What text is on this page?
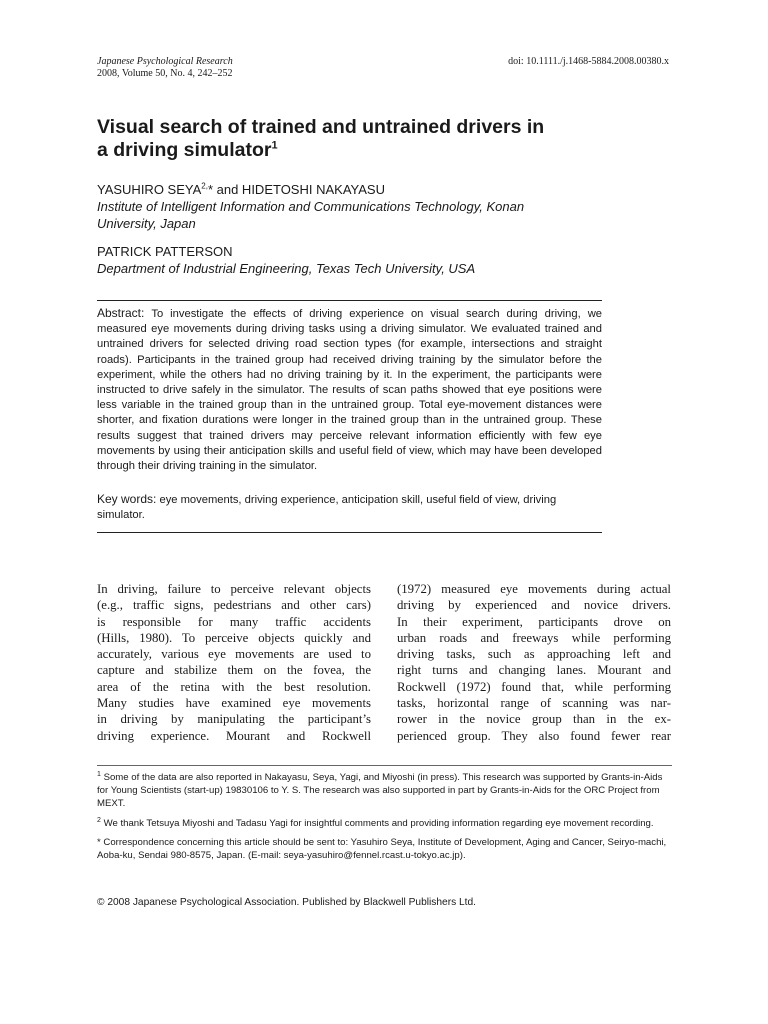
Japanese Psychological Research
2008, Volume 50, No. 4, 242–252
doi: 10.1111./j.1468-5884.2008.00380.x
Visual search of trained and untrained drivers in
a driving simulator$^1$
YASUHIRO $SEYA^{2,}*$ and HIDETOSHI NAKAYASU
Institute of Intelligent Information and Communications Technology, Konan
University, Japan
PATRICK PATTERSON
Department of Industrial Engineering, Texas Tech University, USA
Abstract: To investigate the effects of driving experience on visual search during driving, we measured eye movements during driving tasks using a driving simulator. We evaluated trained and untrained drivers for selected driving road section types (for example, intersections and straight roads). Participants in the trained group had received driving training by the simulator before the experiment, while the others had no driving training by it. In the experiment, the participants were instructed to drive safely in the simulator. The results of scan paths showed that eye positions were less variable in the trained group than in the untrained group. Total eye-movement distances were shorter, and fixation durations were longer in the trained group than in the untrained group. These results suggest that trained drivers may perceive relevant information efficiently with few eye movements by using their anticipation skills and useful field of view, which may have been developed through their driving training in the simulator.
Key words: eye movements, driving experience, anticipation skill, useful field of view, driving simulator.
In driving, failure to perceive relevant objects
(e.g., traffic signs, pedestrians and other cars)
is responsible for many traffic accidents
(Hills, 1980). To perceive objects quickly and
accurately, various eye movements are used to
capture and stabilize them on the fovea, the
area of the retina with the best resolution.
Many studies have examined eye movements
in driving by manipulating the participant’s
driving experience. Mourant and Rockwell
(1972) measured eye movements during actual
driving by experienced and novice drivers.
In their experiment, participants drove on
urban roads and freeways while performing
driving tasks, such as approaching left and
right turns and changing lanes. Mourant and
Rockwell (1972) found that, while performing
tasks, horizontal range of scanning was nar-
rower in the novice group than in the ex-
perienced group. They also found fewer rear

$^1$ Some of the data are also reported in Nakayasu, Seya, Yagi, and Miyoshi (in press). This research was supported by Grants-in-Aids for Young Scientists (start-up) 19830106 to Y. S. The research was also supported in part by Grants-in-Aids for the ORC Project from MEXT.

$^2$ We thank Tetsuya Miyoshi and Tadasu Yagi for insightful comments and providing information regarding eye movement recording.

* Correspondence concerning this article should be sent to: Yasuhiro Seya, Institute of Development, Aging and Cancer, Seiryo-machi, Aoba-ku, Sendai 980-8575, Japan. (E-mail: seya-yasuhiro@fennel.rcast.u-tokyo.ac.jp).

© 2008 Japanese Psychological Association. Published by Blackwell Publishers Ltd.
